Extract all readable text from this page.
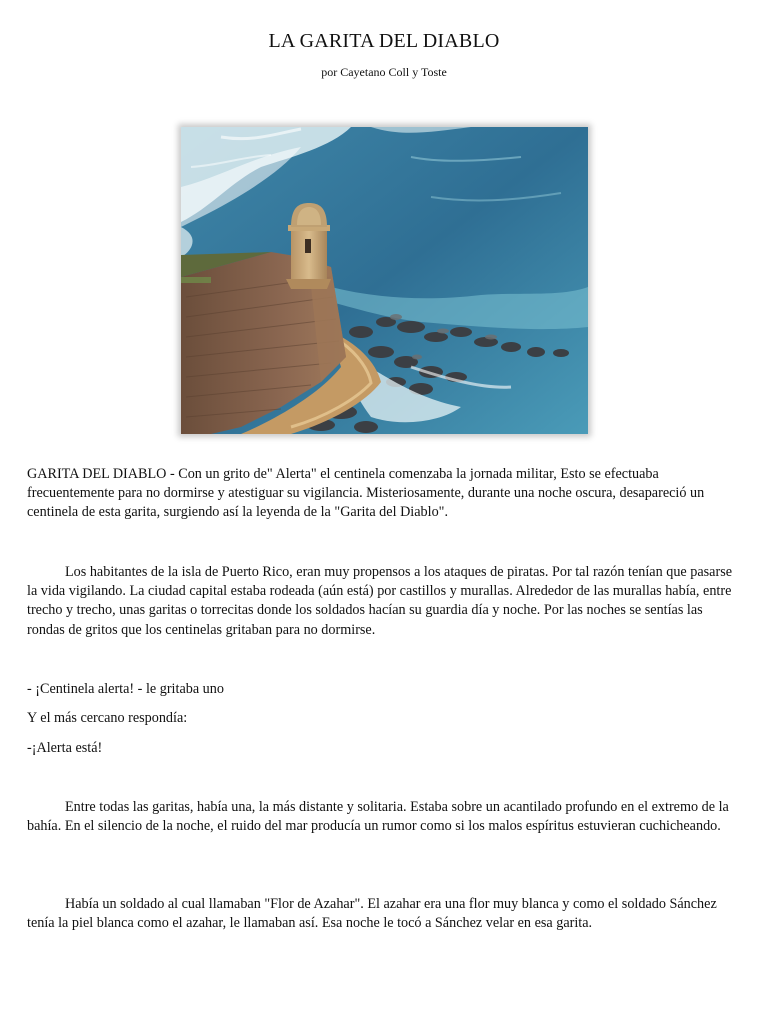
LA GARITA DEL DIABLO
por Cayetano Coll y Toste

GARITA DEL DIABLO - Con un grito de" Alerta" el centinela comenzaba la jornada militar, Esto se efectuaba frecuentemente para no dormirse y atestiguar su vigilancia. Misteriosamente, durante una noche oscura, desapareció un centinela de esta garita, surgiendo así la leyenda de la "Garita del Diablo".

Los habitantes de la isla de Puerto Rico, eran muy propensos a los ataques de piratas. Por tal razón tenían que pasarse la vida vigilando. La ciudad capital estaba rodeada (aún está) por castillos y murallas. Alrededor de las murallas había, entre trecho y trecho, unas garitas o torrecitas donde los soldados hacían su guardia día y noche. Por las noches se sentías las rondas de gritos que los centinelas gritaban para no dormirse.

- ¡Centinela alerta! - le gritaba uno

Y el más cercano respondía:

-¡Alerta está!

Entre todas las garitas, había una, la más distante y solitaria. Estaba sobre un acantilado profundo en el extremo de la bahía. En el silencio de la noche, el ruido del mar producía un rumor como si los malos espíritus estuvieran cuchicheando.

Había un soldado al cual llamaban "Flor de Azahar". El azahar era una flor muy blanca y como el soldado Sánchez tenía la piel blanca como el azahar, le llamaban así. Esa noche le tocó a Sánchez velar en esa garita.
